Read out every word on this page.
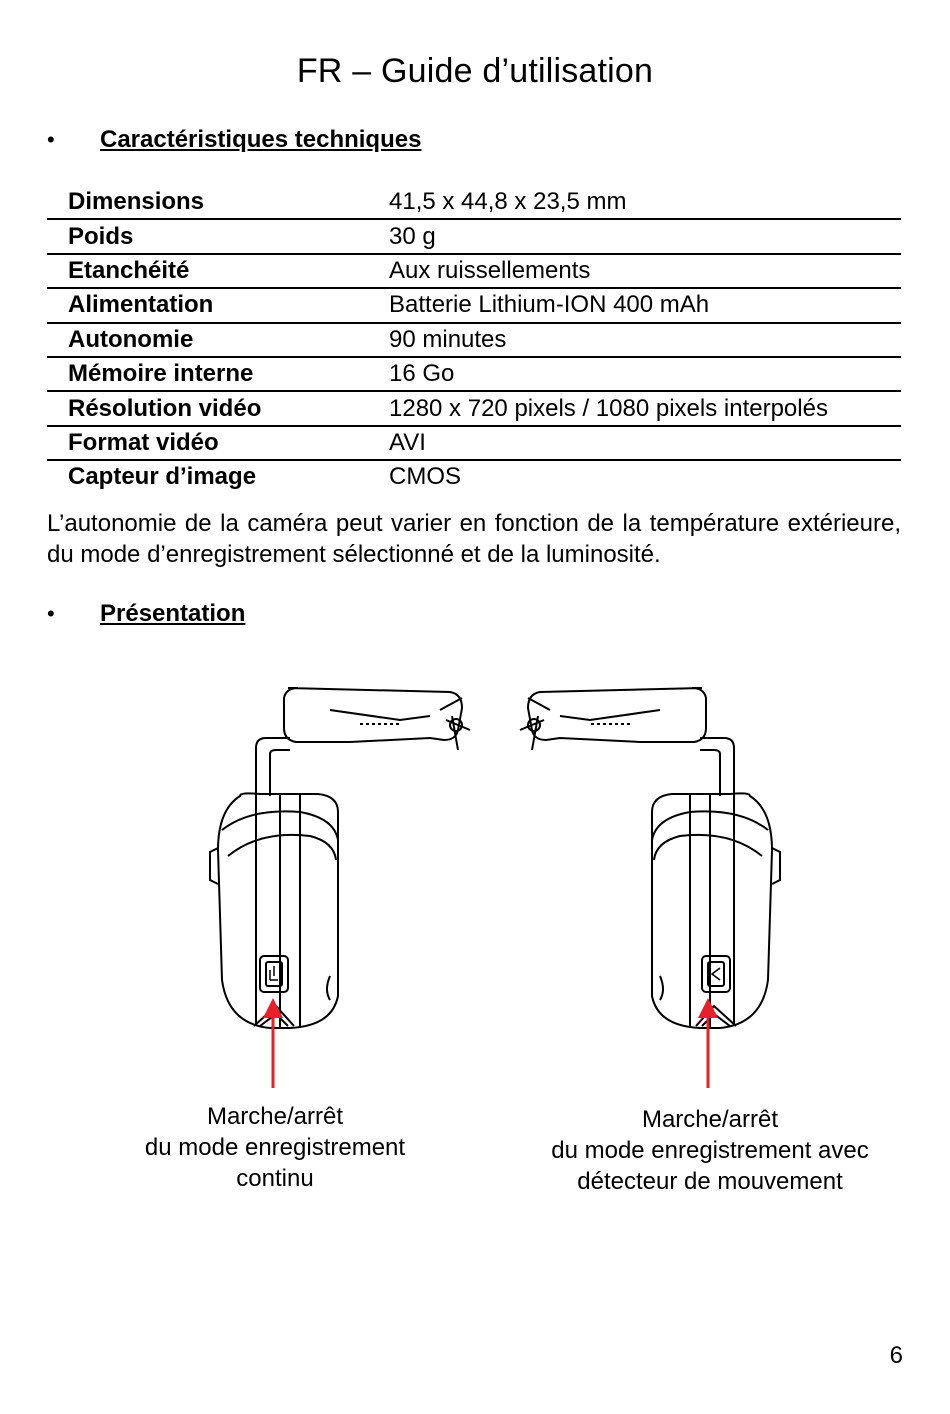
FR – Guide d’utilisation
• Caractéristiques techniques
Dimensions	41,5 x 44,8 x 23,5 mm
Poids	30 g
Etanchéité	Aux ruissellements
Alimentation	Batterie Lithium-ION 400 mAh
Autonomie	90 minutes
Mémoire interne	16 Go
Résolution vidéo	1280 x 720 pixels / 1080 pixels interpolés
Format vidéo	AVI
Capteur d’image	CMOS
L’autonomie de la caméra peut varier en fonction de la température extérieure, du mode d’enregistrement sélectionné et de la luminosité.
• Présentation
Marche/arrêt
du mode enregistrement
continu
Marche/arrêt
du mode enregistrement avec
détecteur de mouvement
6
